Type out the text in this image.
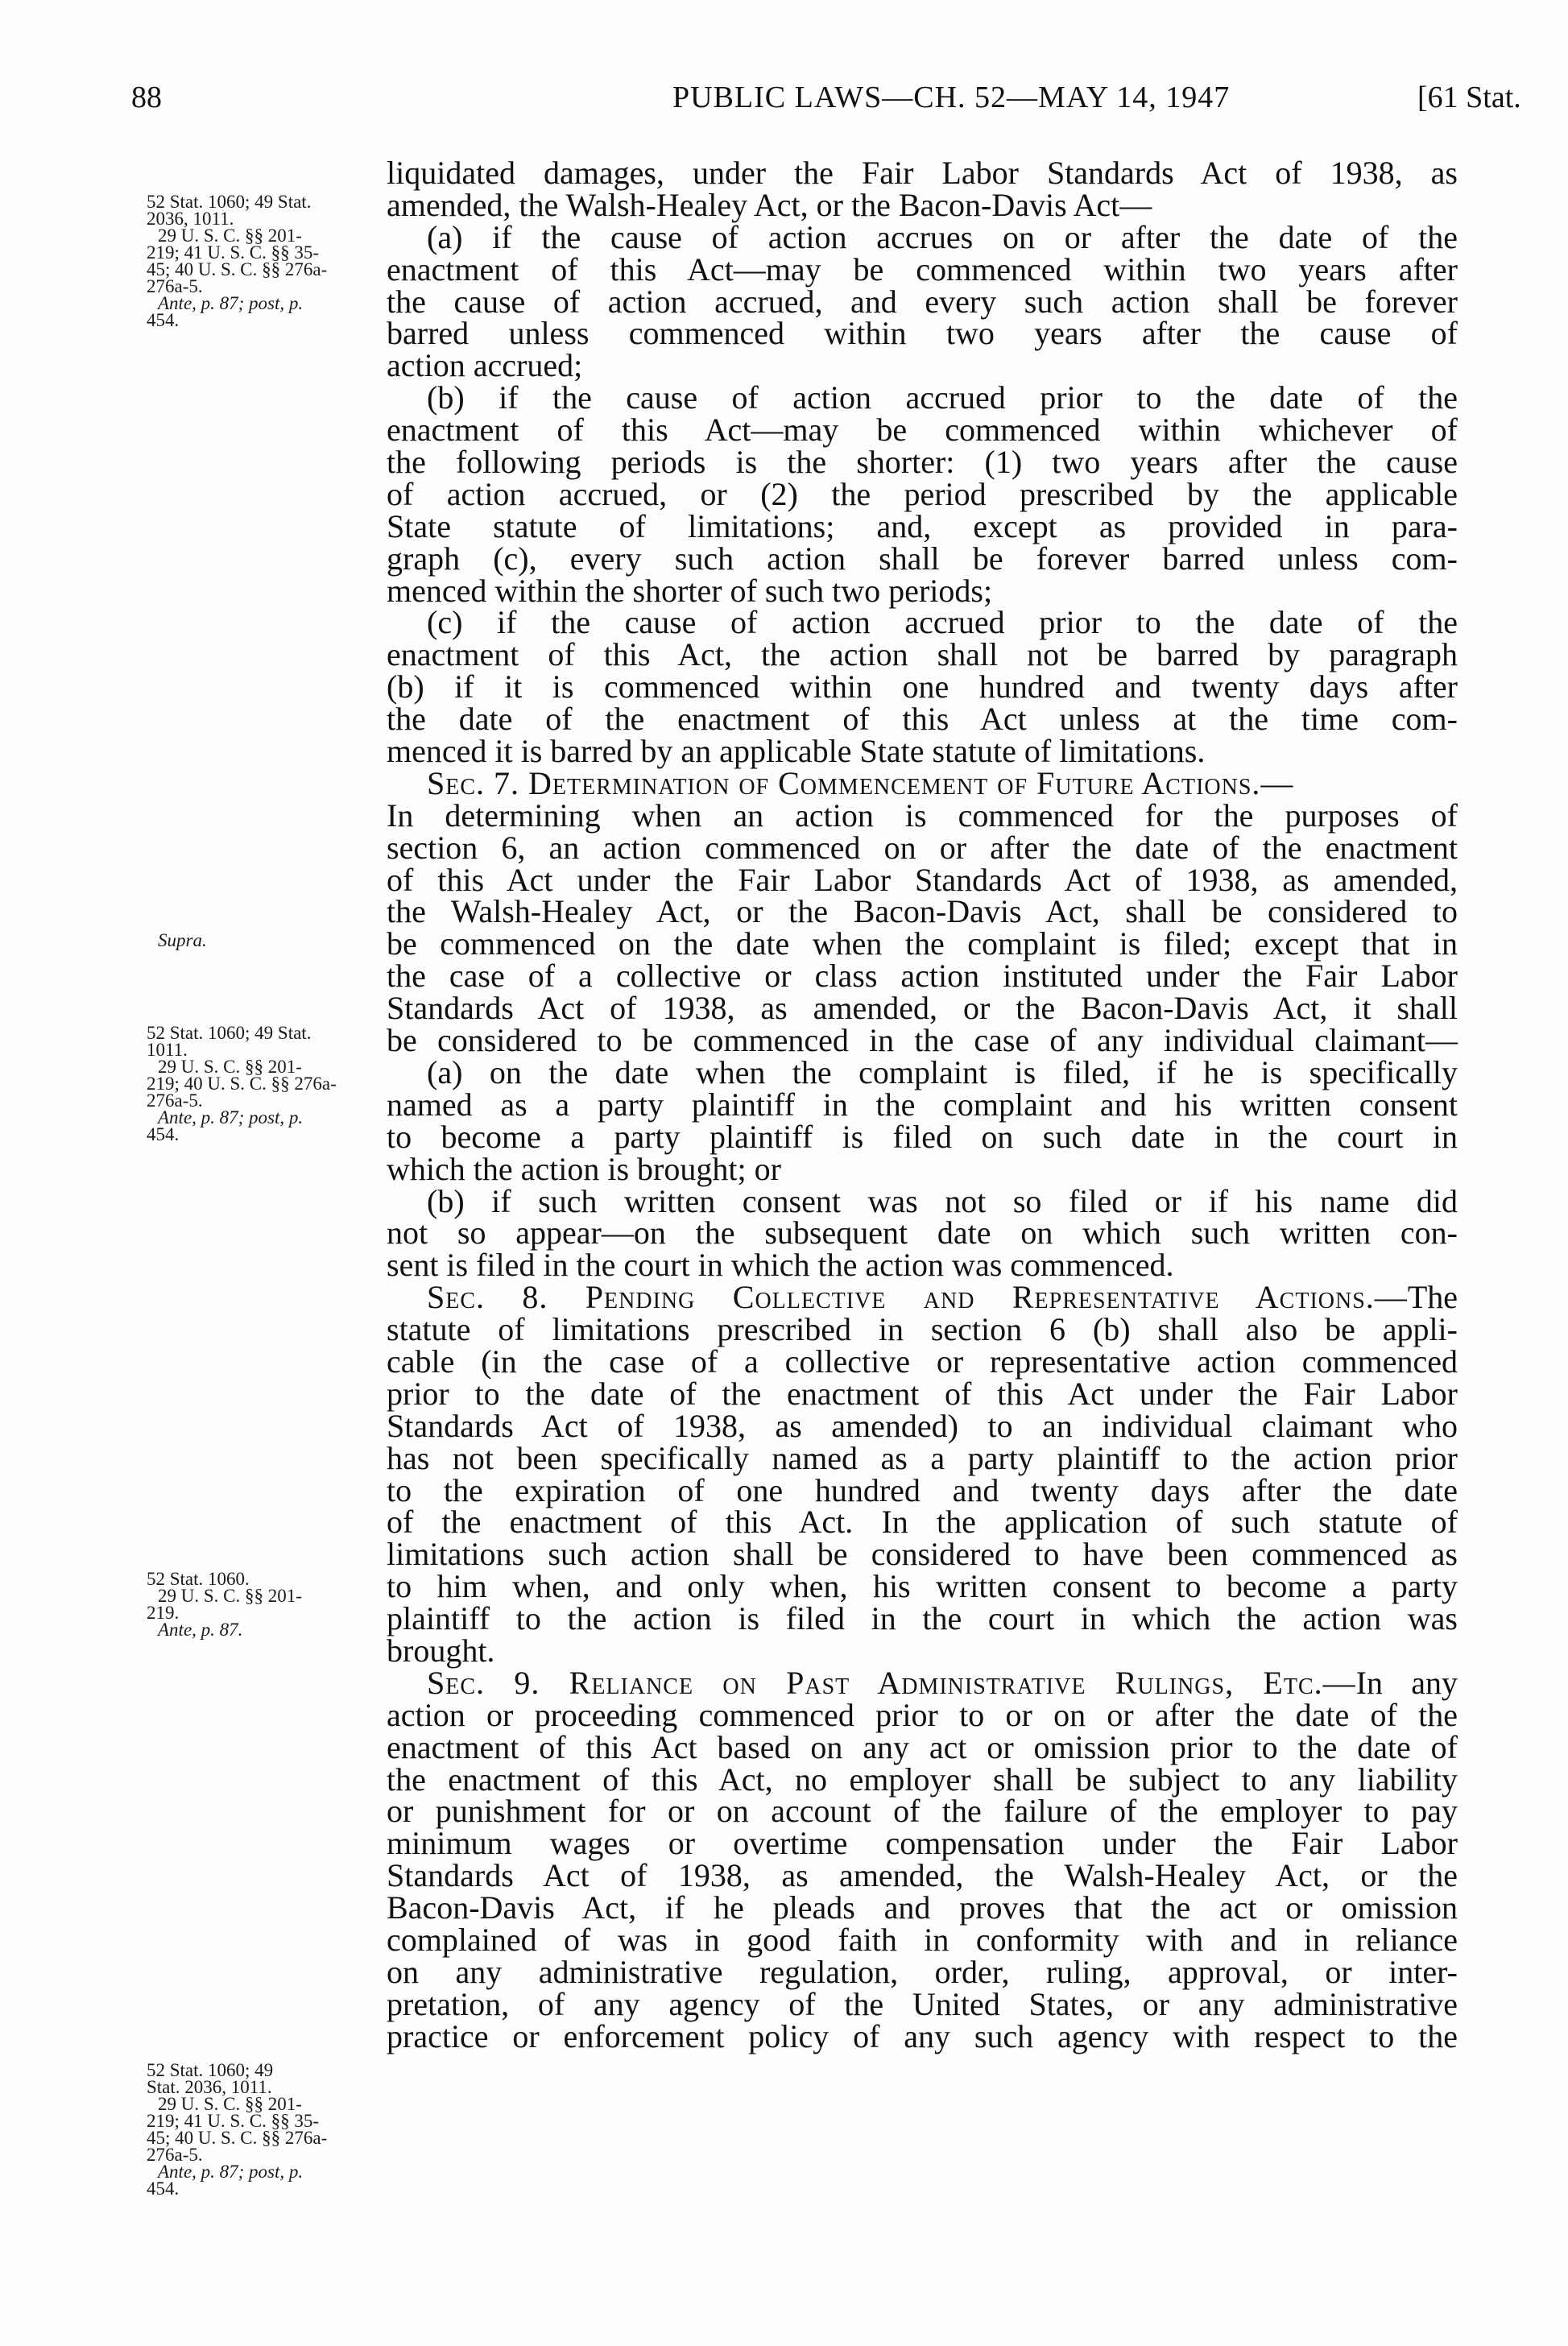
88	PUBLIC LAWS—CH. 52—MAY 14, 1947	[61 Stat.
52 Stat. 1060; 49 Stat.
2036, 1011.
29 U. S. C. §§ 201-
219; 41 U. S. C. §§ 35-
45; 40 U. S. C. §§ 276a-
276a-5.
Ante, p. 87; post, p.
454.
Supra.
52 Stat. 1060; 49 Stat.
1011.
29 U. S. C. §§ 201-
219; 40 U. S. C. §§ 276a-
276a-5.
Ante, p. 87; post, p.
454.
52 Stat. 1060.
29 U. S. C. §§ 201-
219.
Ante, p. 87.
52 Stat. 1060; 49
Stat. 2036, 1011.
29 U. S. C. §§ 201-
219; 41 U. S. C. §§ 35-
45; 40 U. S. C. §§ 276a-
276a-5.
Ante, p. 87; post, p.
454.
liquidated damages, under the Fair Labor Standards Act of 1938, as
amended, the Walsh-Healey Act, or the Bacon-Davis Act—
(a) if the cause of action accrues on or after the date of the
enactment of this Act—may be commenced within two years after
the cause of action accrued, and every such action shall be forever
barred unless commenced within two years after the cause of
action accrued;
(b) if the cause of action accrued prior to the date of the
enactment of this Act—may be commenced within whichever of
the following periods is the shorter: (1) two years after the cause
of action accrued, or (2) the period prescribed by the applicable
State statute of limitations; and, except as provided in para-
graph (c), every such action shall be forever barred unless com-
menced within the shorter of such two periods;
(c) if the cause of action accrued prior to the date of the
enactment of this Act, the action shall not be barred by paragraph
(b) if it is commenced within one hundred and twenty days after
the date of the enactment of this Act unless at the time com-
menced it is barred by an applicable State statute of limitations.
Sec. 7. Determination of Commencement of Future Actions.—
In determining when an action is commenced for the purposes of
section 6, an action commenced on or after the date of the enactment
of this Act under the Fair Labor Standards Act of 1938, as amended,
the Walsh-Healey Act, or the Bacon-Davis Act, shall be considered to
be commenced on the date when the complaint is filed; except that in
the case of a collective or class action instituted under the Fair Labor
Standards Act of 1938, as amended, or the Bacon-Davis Act, it shall
be considered to be commenced in the case of any individual claimant—
(a) on the date when the complaint is filed, if he is specifically
named as a party plaintiff in the complaint and his written consent
to become a party plaintiff is filed on such date in the court in
which the action is brought; or
(b) if such written consent was not so filed or if his name did
not so appear—on the subsequent date on which such written con-
sent is filed in the court in which the action was commenced.
Sec. 8. Pending Collective and Representative Actions.—The
statute of limitations prescribed in section 6 (b) shall also be appli-
cable (in the case of a collective or representative action commenced
prior to the date of the enactment of this Act under the Fair Labor
Standards Act of 1938, as amended) to an individual claimant who
has not been specifically named as a party plaintiff to the action prior
to the expiration of one hundred and twenty days after the date
of the enactment of this Act. In the application of such statute of
limitations such action shall be considered to have been commenced as
to him when, and only when, his written consent to become a party
plaintiff to the action is filed in the court in which the action was
brought.
Sec. 9. Reliance on Past Administrative Rulings, Etc.—In any
action or proceeding commenced prior to or on or after the date of the
enactment of this Act based on any act or omission prior to the date of
the enactment of this Act, no employer shall be subject to any liability
or punishment for or on account of the failure of the employer to pay
minimum wages or overtime compensation under the Fair Labor
Standards Act of 1938, as amended, the Walsh-Healey Act, or the
Bacon-Davis Act, if he pleads and proves that the act or omission
complained of was in good faith in conformity with and in reliance
on any administrative regulation, order, ruling, approval, or inter-
pretation, of any agency of the United States, or any administrative
practice or enforcement policy of any such agency with respect to the
